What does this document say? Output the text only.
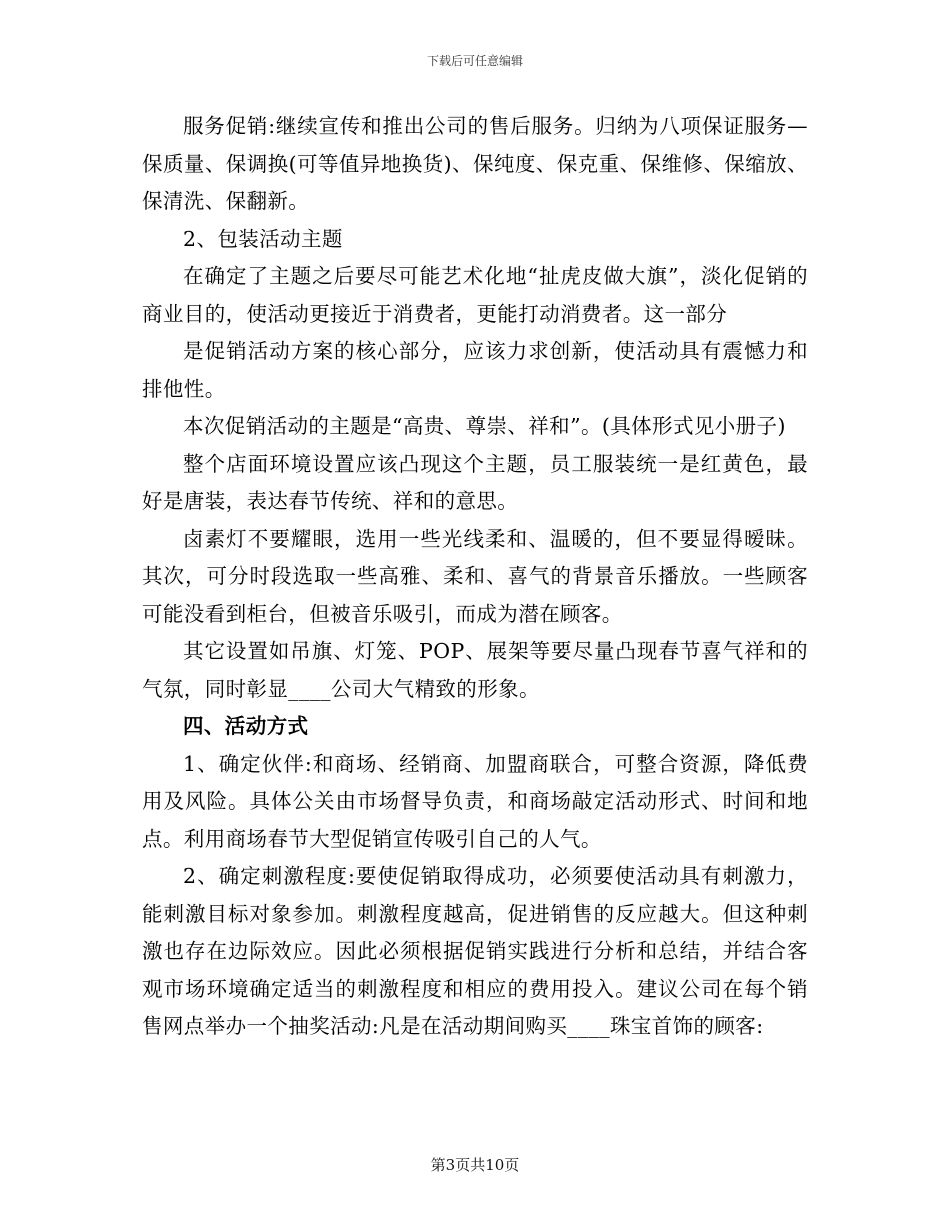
下载后可任意编辑

服务促销:继续宣传和推出公司的售后服务。归纳为八项保证服务—保质量、保调换(可等值异地换货)、保纯度、保克重、保维修、保缩放、保清洗、保翻新。

2、包装活动主题

在确定了主题之后要尽可能艺术化地“扯虎皮做大旗”，淡化促销的商业目的，使活动更接近于消费者，更能打动消费者。这一部分

是促销活动方案的核心部分，应该力求创新，使活动具有震憾力和排他性。

本次促销活动的主题是“高贵、尊崇、祥和”。(具体形式见小册子)

整个店面环境设置应该凸现这个主题，员工服装统一是红黄色，最好是唐装，表达春节传统、祥和的意思。

卤素灯不要耀眼，选用一些光线柔和、温暖的，但不要显得暧昧。其次，可分时段选取一些高雅、柔和、喜气的背景音乐播放。一些顾客可能没看到柜台，但被音乐吸引，而成为潜在顾客。

其它设置如吊旗、灯笼、POP、展架等要尽量凸现春节喜气祥和的气氛，同时彰显____公司大气精致的形象。

四、活动方式

1、确定伙伴:和商场、经销商、加盟商联合，可整合资源，降低费用及风险。具体公关由市场督导负责，和商场敲定活动形式、时间和地点。利用商场春节大型促销宣传吸引自己的人气。

2、确定刺激程度:要使促销取得成功，必须要使活动具有刺激力，能刺激目标对象参加。刺激程度越高，促进销售的反应越大。但这种刺激也存在边际效应。因此必须根据促销实践进行分析和总结，并结合客观市场环境确定适当的刺激程度和相应的费用投入。建议公司在每个销售网点举办一个抽奖活动:凡是在活动期间购买____珠宝首饰的顾客:

第3页共10页
